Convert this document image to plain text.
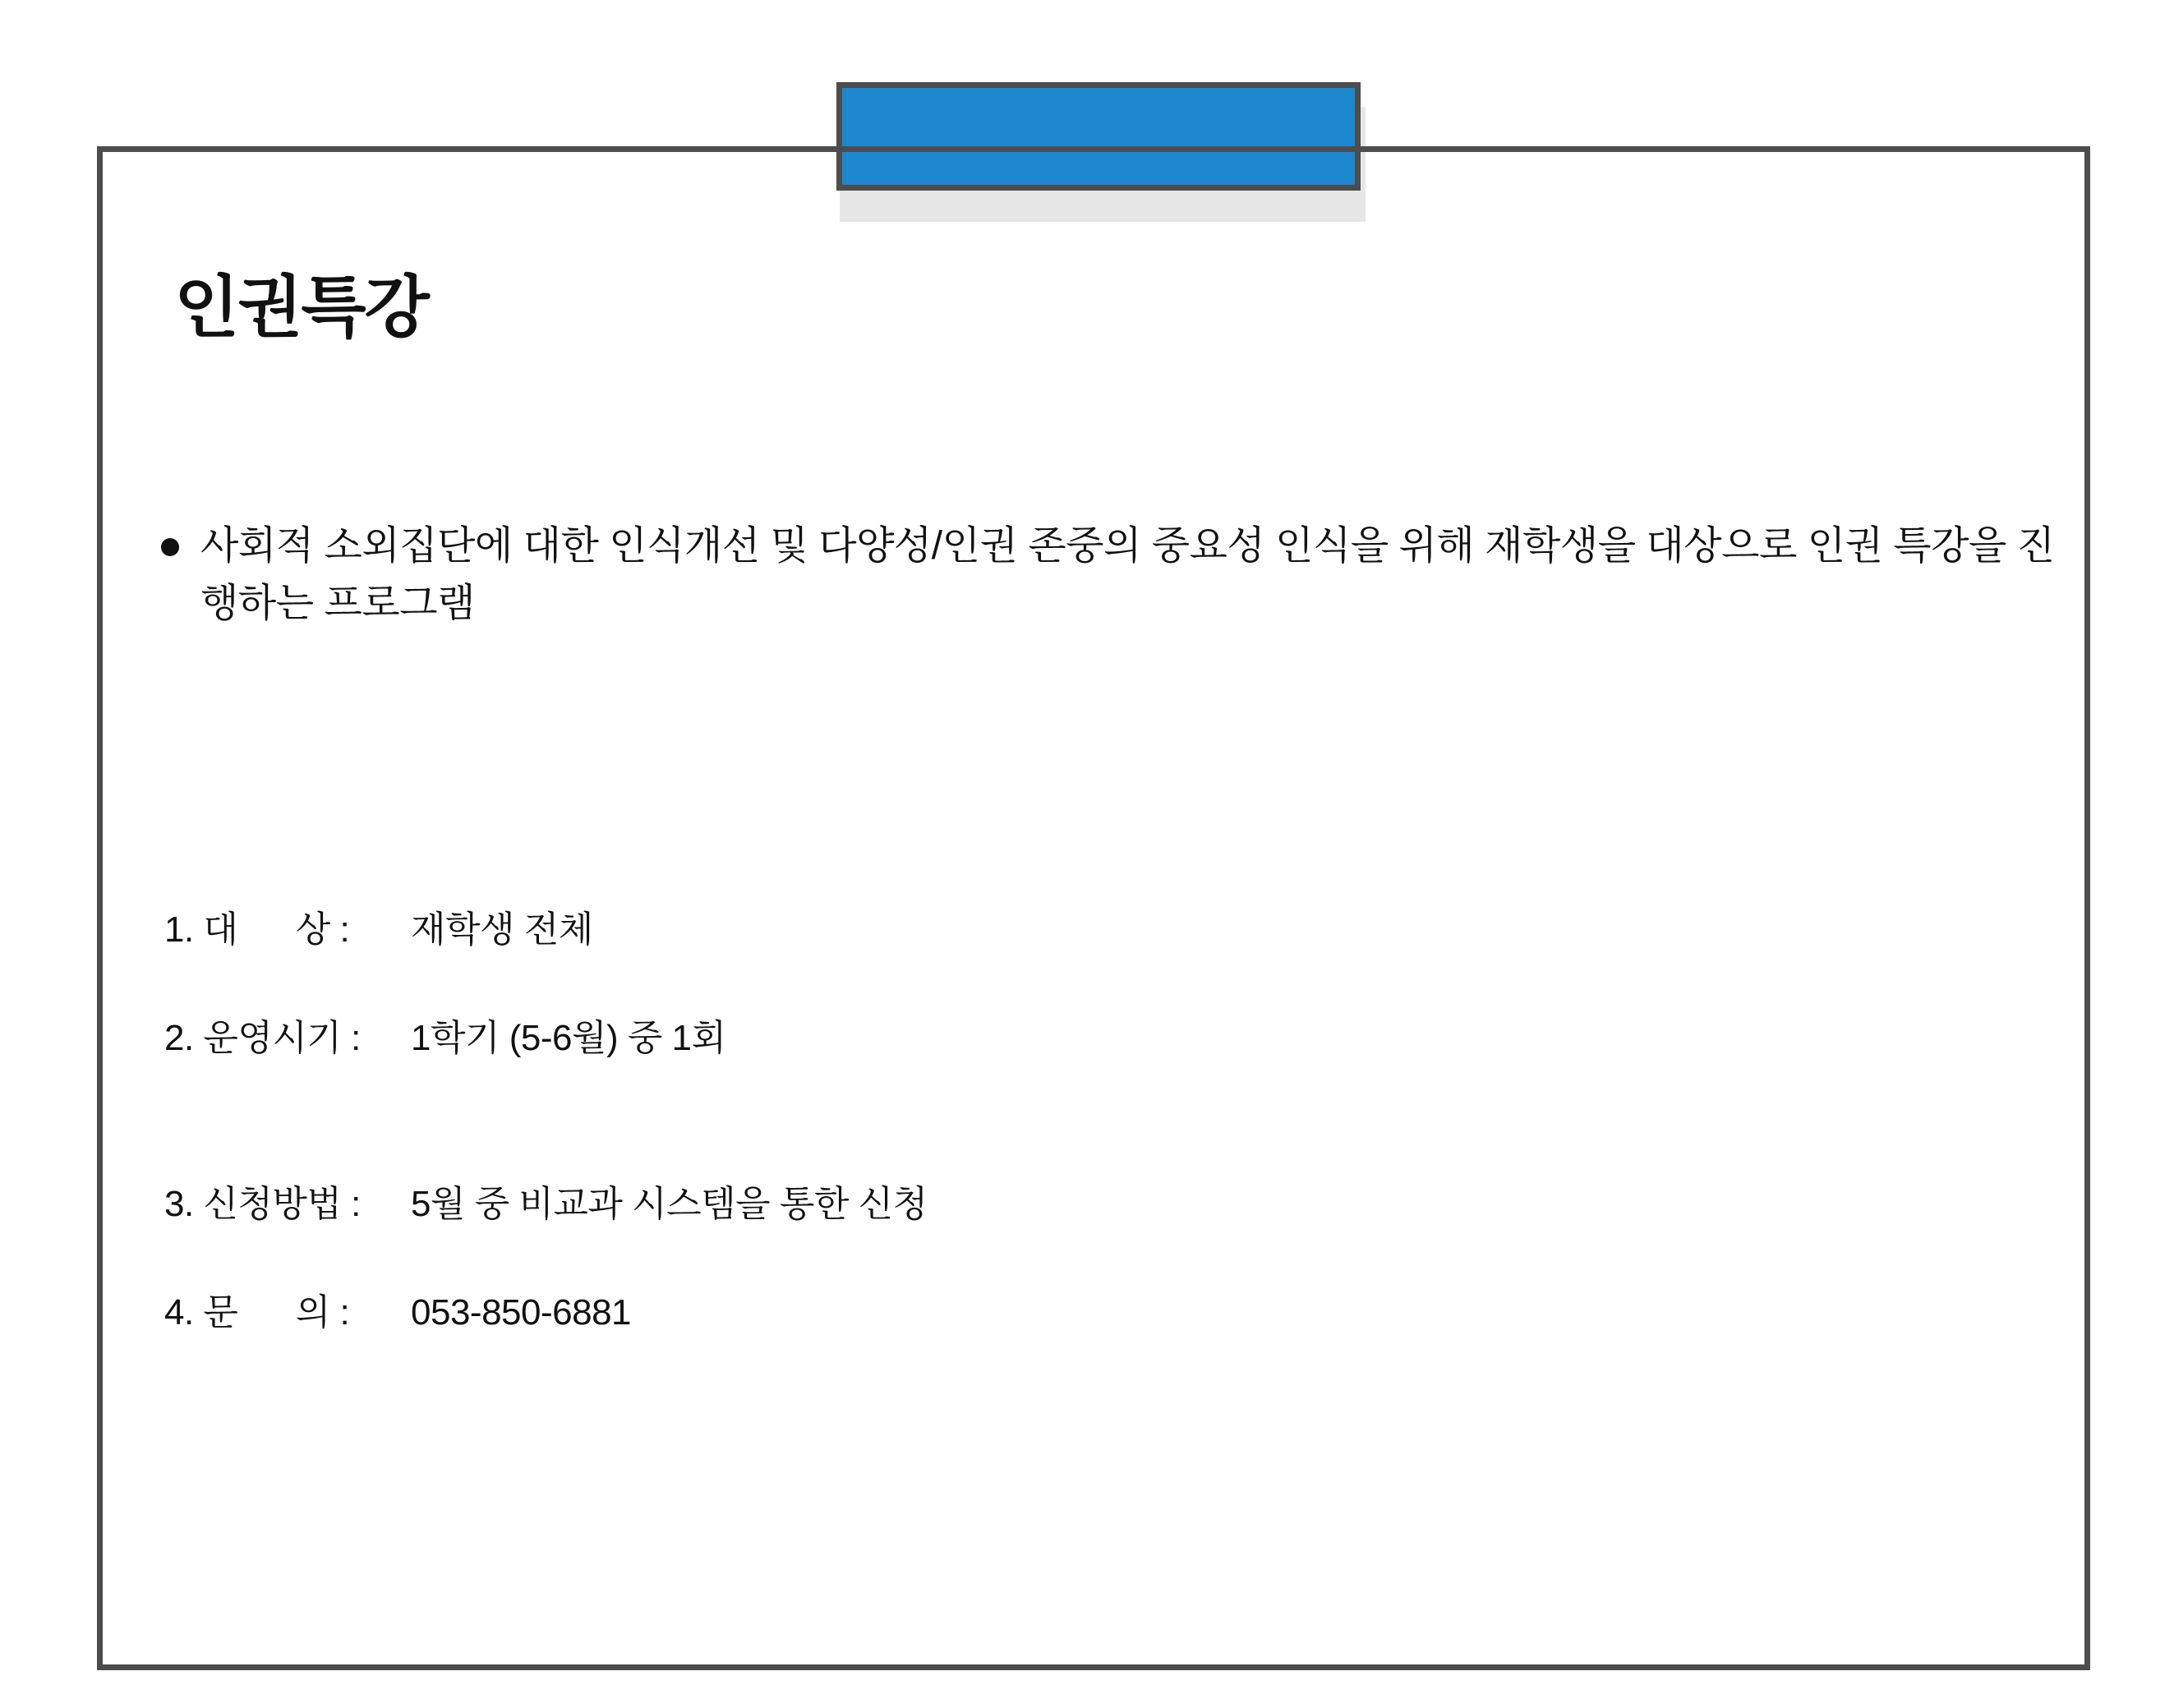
인권특강
사회적 소외집단에 대한 인식개선 및 다양성/인권 존중의 중요성 인식을 위해 재학생을 대상으로 인권 특강을 진행하는 프로그램
1. 대      상 :	재학생 전체
2. 운영시기 :	1학기 (5-6월) 중 1회
3. 신청방법 :	5월 중 비교과 시스템을 통한 신청
4. 문      의 :	053-850-6881
